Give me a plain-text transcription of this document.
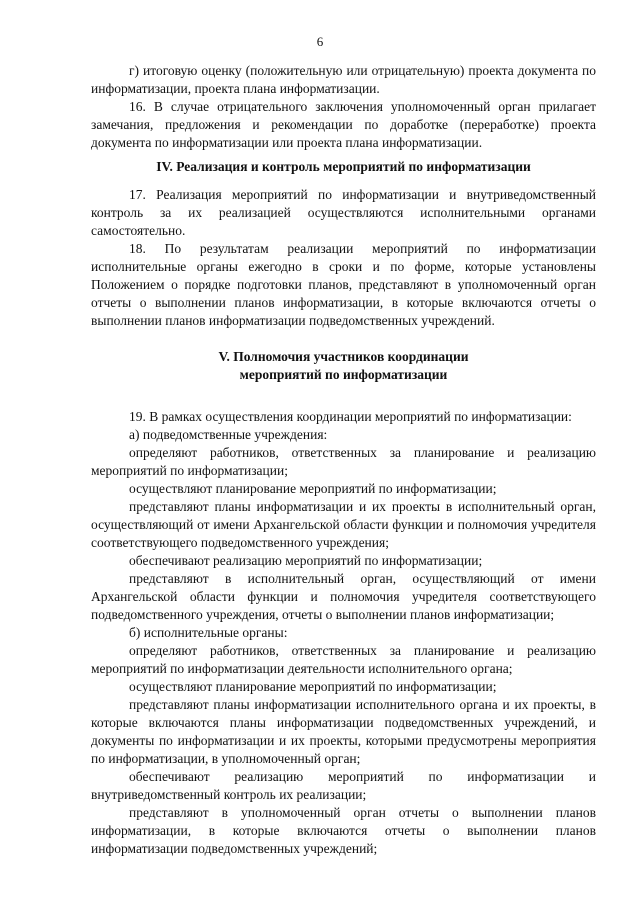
6

г) итоговую оценку (положительную или отрицательную) проекта документа по информатизации, проекта плана информатизации.

16. В случае отрицательного заключения уполномоченный орган прилагает замечания, предложения и рекомендации по доработке (переработке) проекта документа по информатизации или проекта плана информатизации.

IV. Реализация и контроль мероприятий по информатизации

17. Реализация мероприятий по информатизации и внутриведомственный контроль за их реализацией осуществляются исполнительными органами самостоятельно.

18. По результатам реализации мероприятий по информатизации исполнительные органы ежегодно в сроки и по форме, которые установлены Положением о порядке подготовки планов, представляют в уполномоченный орган отчеты о выполнении планов информатизации, в которые включаются отчеты о выполнении планов информатизации подведомственных учреждений.

V. Полномочия участников координации мероприятий по информатизации

19. В рамках осуществления координации мероприятий по информатизации:

а) подведомственные учреждения:

определяют работников, ответственных за планирование и реализацию мероприятий по информатизации;

осуществляют планирование мероприятий по информатизации;

представляют планы информатизации и их проекты в исполнительный орган, осуществляющий от имени Архангельской области функции и полномочия учредителя соответствующего подведомственного учреждения;

обеспечивают реализацию мероприятий по информатизации;

представляют в исполнительный орган, осуществляющий от имени Архангельской области функции и полномочия учредителя соответствующего подведомственного учреждения, отчеты о выполнении планов информатизации;

б) исполнительные органы:

определяют работников, ответственных за планирование и реализацию мероприятий по информатизации деятельности исполнительного органа;

осуществляют планирование мероприятий по информатизации;

представляют планы информатизации исполнительного органа и их проекты, в которые включаются планы информатизации подведомственных учреждений, и документы по информатизации и их проекты, которыми предусмотрены мероприятия по информатизации, в уполномоченный орган;

обеспечивают реализацию мероприятий по информатизации и внутриведомственный контроль их реализации;

представляют в уполномоченный орган отчеты о выполнении планов информатизации, в которые включаются отчеты о выполнении планов информатизации подведомственных учреждений;
